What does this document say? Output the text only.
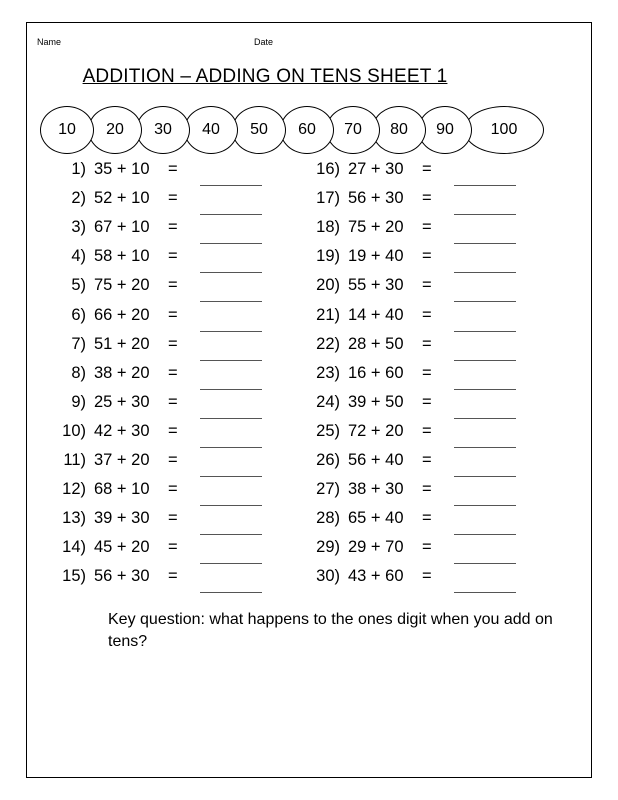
Name	Date
ADDITION – ADDING ON TENS SHEET 1
10	20	30	40	50	60	70	80	90	100
1) 35 + 10 =
2) 52 + 10 =
3) 67 + 10 =
4) 58 + 10 =
5) 75 + 20 =
6) 66 + 20 =
7) 51 + 20 =
8) 38 + 20 =
9) 25 + 30 =
10) 42 + 30 =
11) 37 + 20 =
12) 68 + 10 =
13) 39 + 30 =
14) 45 + 20 =
15) 56 + 30 =
16) 27 + 30 =
17) 56 + 30 =
18) 75 + 20 =
19) 19 + 40 =
20) 55 + 30 =
21) 14 + 40 =
22) 28 + 50 =
23) 16 + 60 =
24) 39 + 50 =
25) 72 + 20 =
26) 56 + 40 =
27) 38 + 30 =
28) 65 + 40 =
29) 29 + 70 =
30) 43 + 60 =
Key question: what happens to the ones digit when you add on tens?
